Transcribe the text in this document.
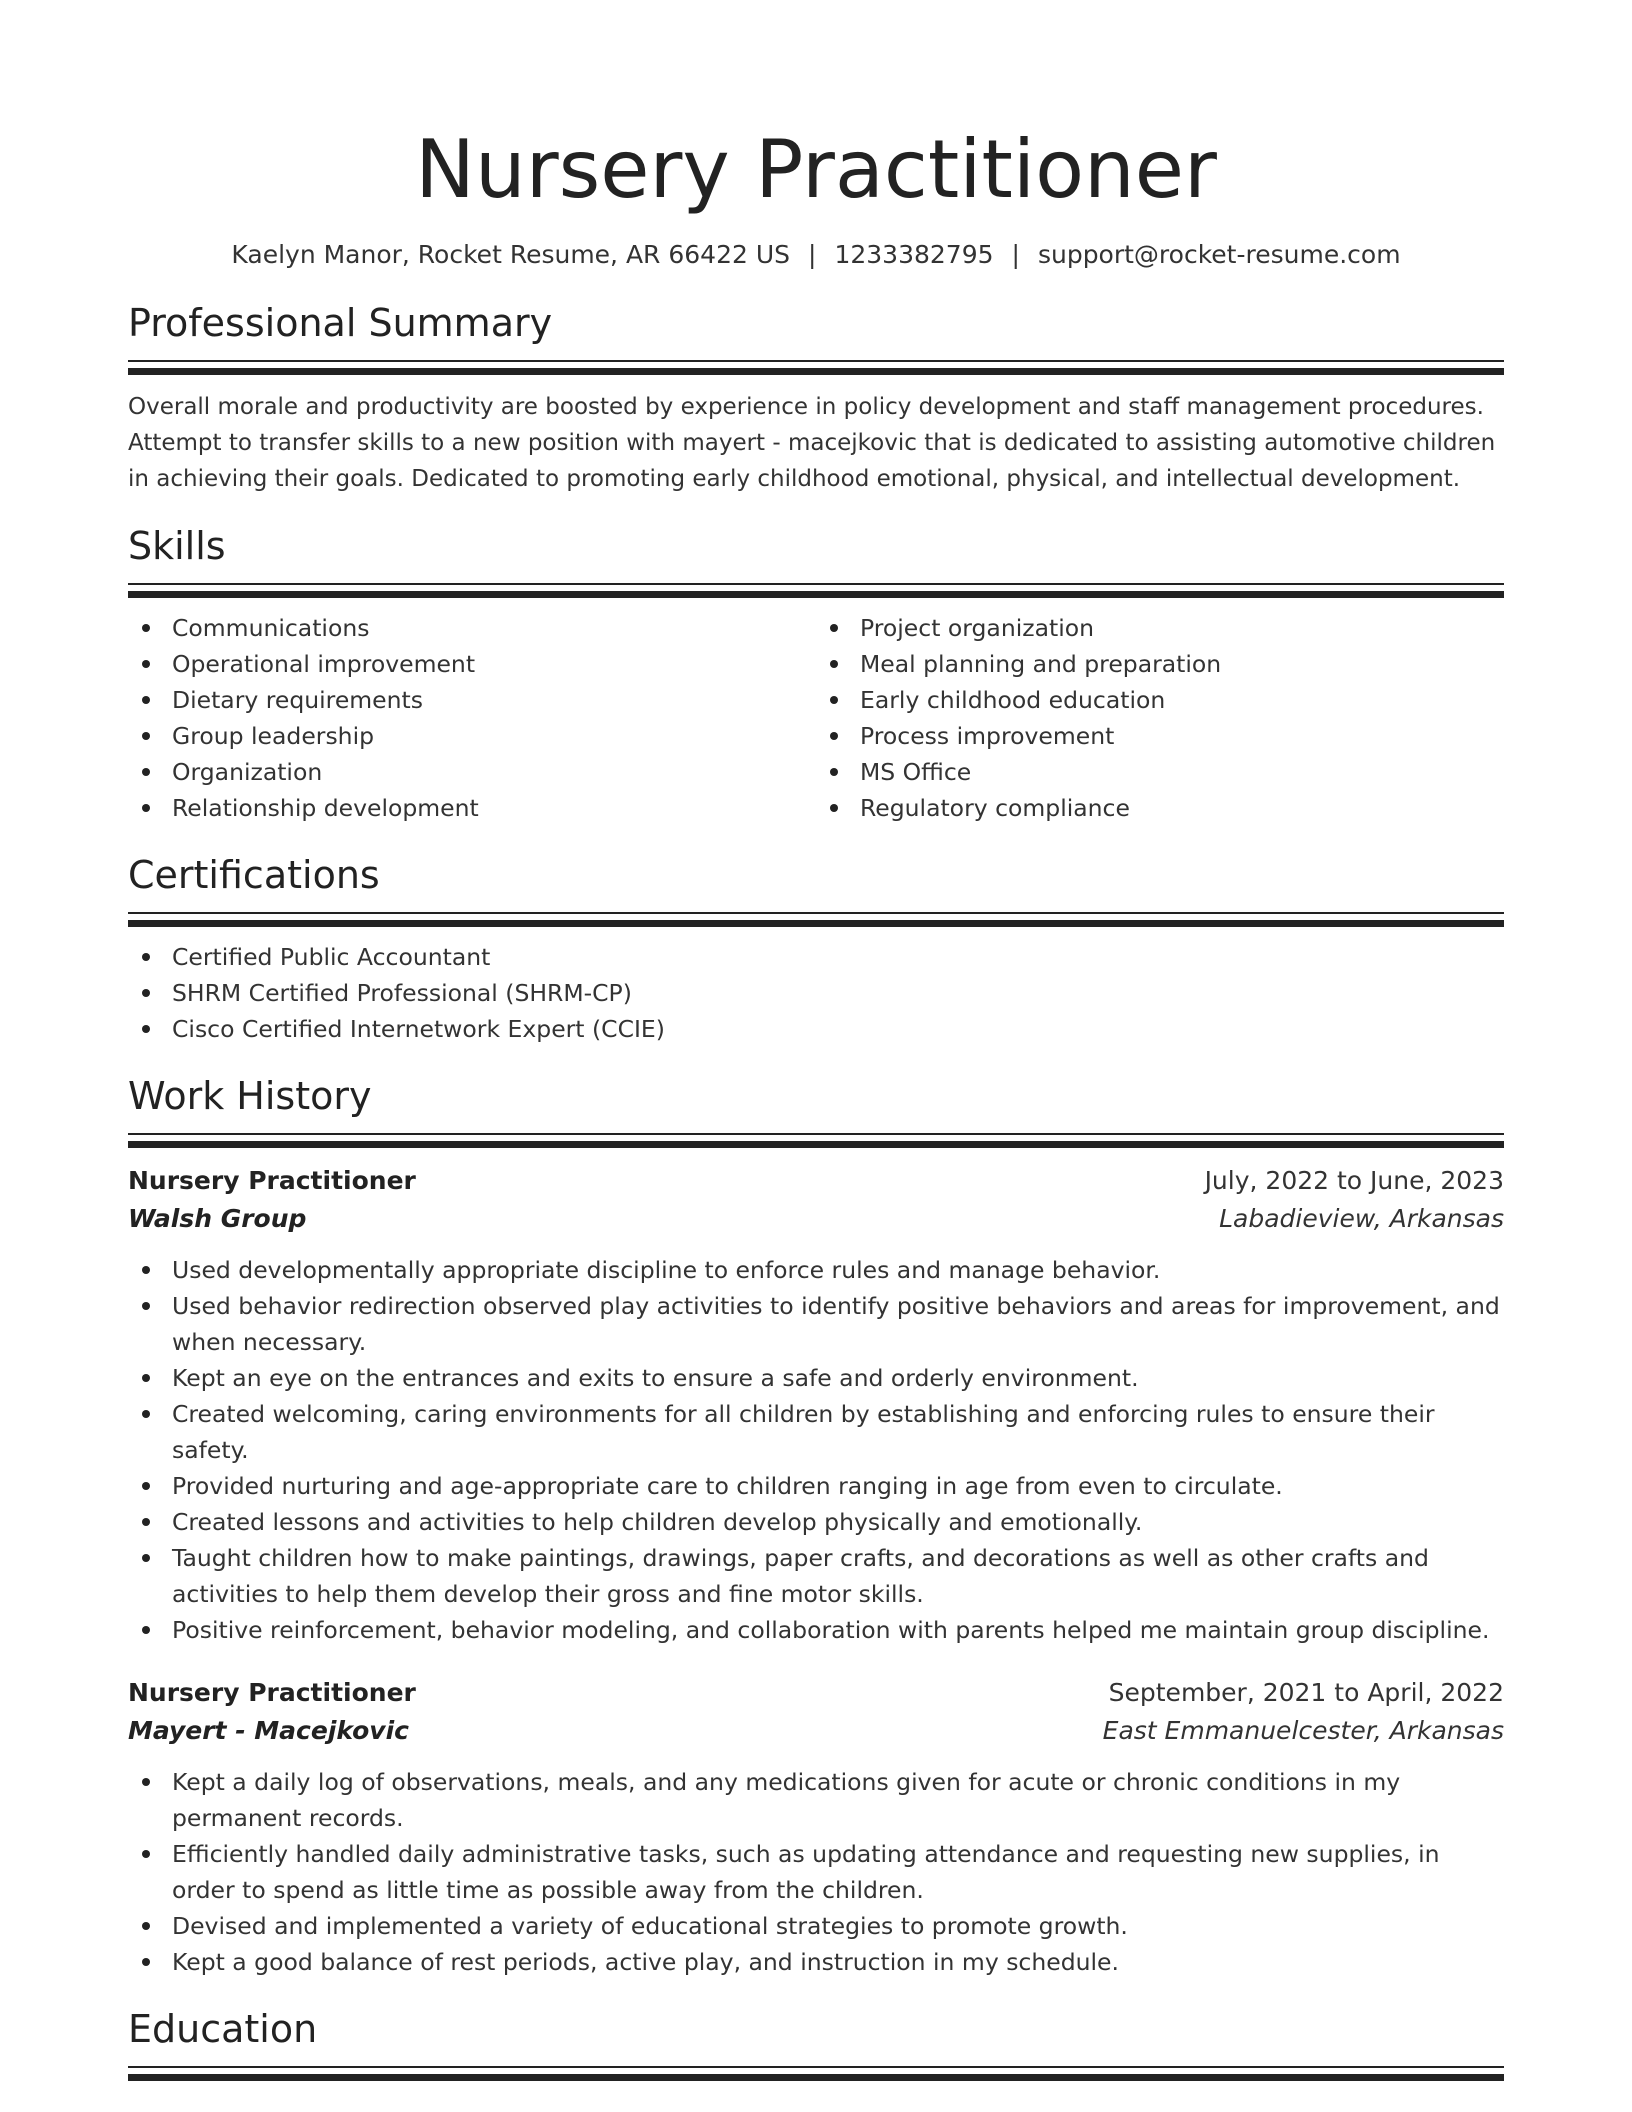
Nursery Practitioner
Kaelyn Manor, Rocket Resume, AR 66422 US | 1233382795 | support@rocket-resume.com
Professional Summary

Overall morale and productivity are boosted by experience in policy development and staff management procedures. Attempt to transfer skills to a new position with mayert - macejkovic that is dedicated to assisting automotive children in achieving their goals. Dedicated to promoting early childhood emotional, physical, and intellectual development.

Skills
Communications
Operational improvement
Dietary requirements
Group leadership
Organization
Relationship development
Project organization
Meal planning and preparation
Early childhood education
Process improvement
MS Office
Regulatory compliance
Certifications
Certified Public Accountant
SHRM Certified Professional (SHRM-CP)
Cisco Certified Internetwork Expert (CCIE)
Work History
Nursery Practitioner	July, 2022 to June, 2023
Walsh Group	Labadieview, Arkansas
Used developmentally appropriate discipline to enforce rules and manage behavior.
Used behavior redirection observed play activities to identify positive behaviors and areas for improvement, and when necessary.
Kept an eye on the entrances and exits to ensure a safe and orderly environment.
Created welcoming, caring environments for all children by establishing and enforcing rules to ensure their safety.
Provided nurturing and age-appropriate care to children ranging in age from even to circulate.
Created lessons and activities to help children develop physically and emotionally.
Taught children how to make paintings, drawings, paper crafts, and decorations as well as other crafts and activities to help them develop their gross and fine motor skills.
Positive reinforcement, behavior modeling, and collaboration with parents helped me maintain group discipline.
Nursery Practitioner	September, 2021 to April, 2022
Mayert - Macejkovic	East Emmanuelcester, Arkansas
Kept a daily log of observations, meals, and any medications given for acute or chronic conditions in my permanent records.
Efficiently handled daily administrative tasks, such as updating attendance and requesting new supplies, in order to spend as little time as possible away from the children.
Devised and implemented a variety of educational strategies to promote growth.
Kept a good balance of rest periods, active play, and instruction in my schedule.
Education
